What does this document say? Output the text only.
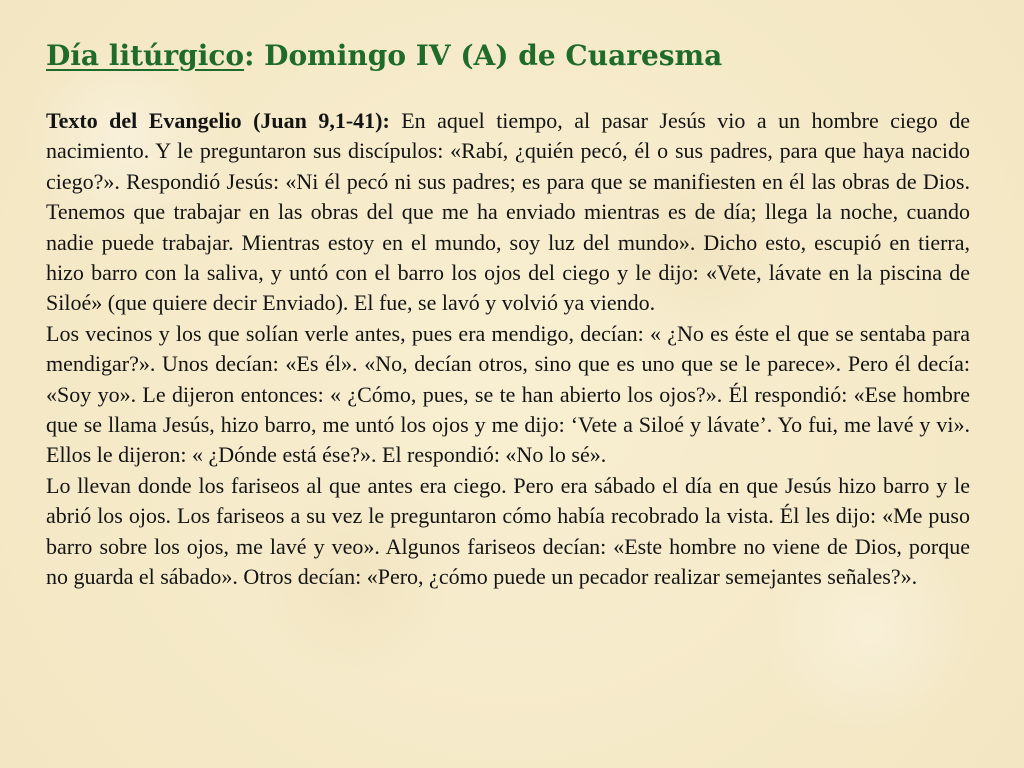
Día litúrgico: Domingo IV (A) de Cuaresma

Texto del Evangelio (Juan 9,1-41): En aquel tiempo, al pasar Jesús vio a un hombre ciego de nacimiento. Y le preguntaron sus discípulos: «Rabí, ¿quién pecó, él o sus padres, para que haya nacido ciego?». Respondió Jesús: «Ni él pecó ni sus padres; es para que se manifiesten en él las obras de Dios. Tenemos que trabajar en las obras del que me ha enviado mientras es de día; llega la noche, cuando nadie puede trabajar. Mientras estoy en el mundo, soy luz del mundo». Dicho esto, escupió en tierra, hizo barro con la saliva, y untó con el barro los ojos del ciego y le dijo: «Vete, lávate en la piscina de Siloé» (que quiere decir Enviado). El fue, se lavó y volvió ya viendo.

Los vecinos y los que solían verle antes, pues era mendigo, decían: « ¿No es éste el que se sentaba para mendigar?». Unos decían: «Es él». «No, decían otros, sino que es uno que se le parece». Pero él decía: «Soy yo». Le dijeron entonces: « ¿Cómo, pues, se te han abierto los ojos?». Él respondió: «Ese hombre que se llama Jesús, hizo barro, me untó los ojos y me dijo: ‘Vete a Siloé y lávate’. Yo fui, me lavé y vi». Ellos le dijeron: « ¿Dónde está ése?». El respondió: «No lo sé».

Lo llevan donde los fariseos al que antes era ciego. Pero era sábado el día en que Jesús hizo barro y le abrió los ojos. Los fariseos a su vez le preguntaron cómo había recobrado la vista. Él les dijo: «Me puso barro sobre los ojos, me lavé y veo». Algunos fariseos decían: «Este hombre no viene de Dios, porque no guarda el sábado». Otros decían: «Pero, ¿cómo puede un pecador realizar semejantes señales?».
